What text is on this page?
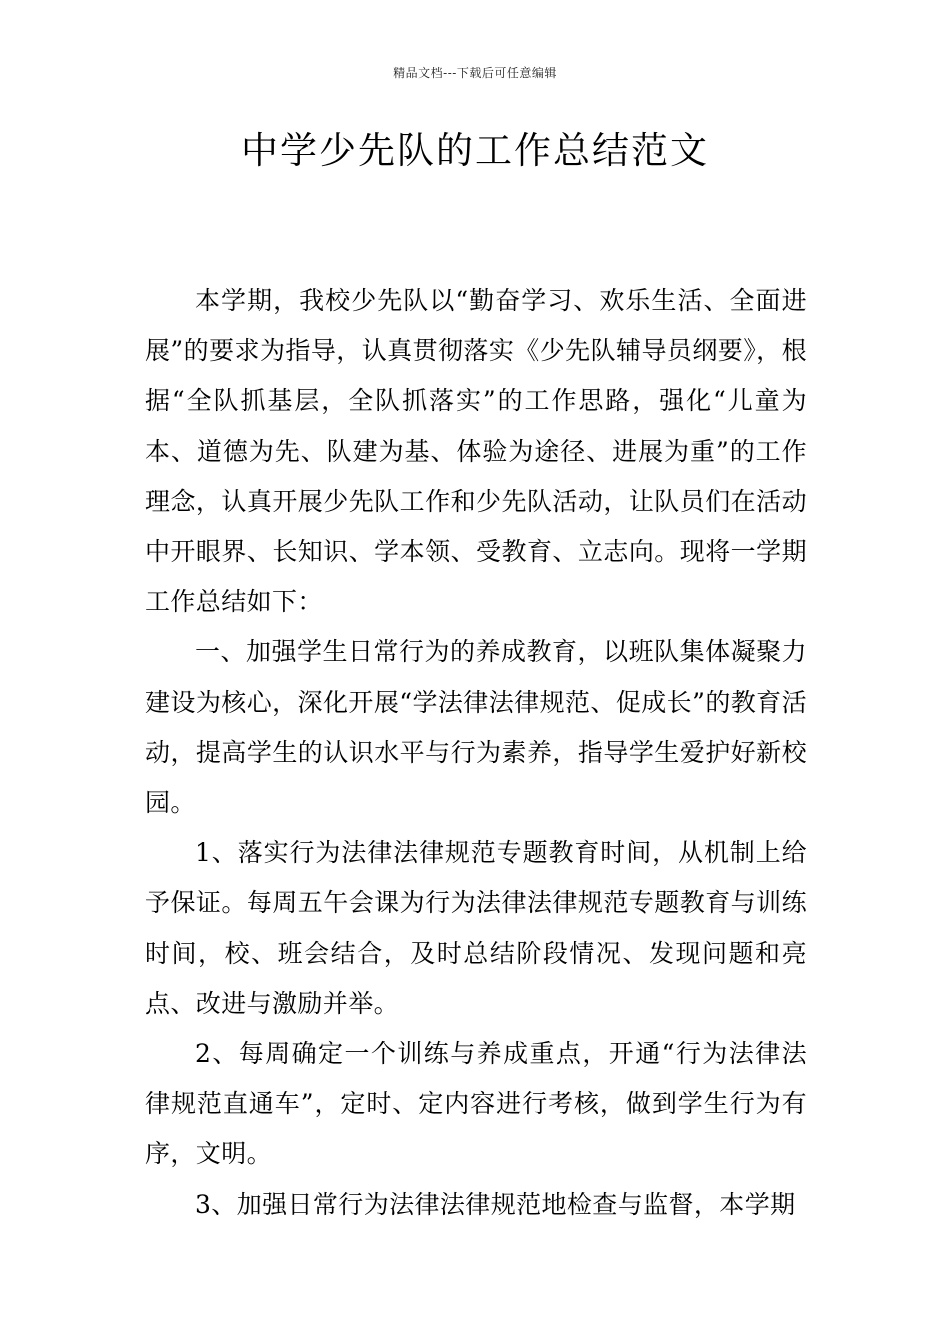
精品文档---下载后可任意编辑
中学少先队的工作总结范文

本学期，我校少先队以“勤奋学习、欢乐生活、全面进展”的要求为指导，认真贯彻落实《少先队辅导员纲要》，根据“全队抓基层，全队抓落实”的工作思路，强化“儿童为本、道德为先、队建为基、体验为途径、进展为重”的工作理念，认真开展少先队工作和少先队活动，让队员们在活动中开眼界、长知识、学本领、受教育、立志向。现将一学期工作总结如下：

一、加强学生日常行为的养成教育，以班队集体凝聚力建设为核心，深化开展“学法律法律规范、促成长”的教育活动，提高学生的认识水平与行为素养，指导学生爱护好新校园。

1、落实行为法律法律规范专题教育时间，从机制上给予保证。每周五午会课为行为法律法律规范专题教育与训练时间，校、班会结合，及时总结阶段情况、发现问题和亮点、改进与激励并举。

2、每周确定一个训练与养成重点，开通“行为法律法律规范直通车”，定时、定内容进行考核，做到学生行为有序，文明。

3、加强日常行为法律法律规范地检查与监督，本学期
